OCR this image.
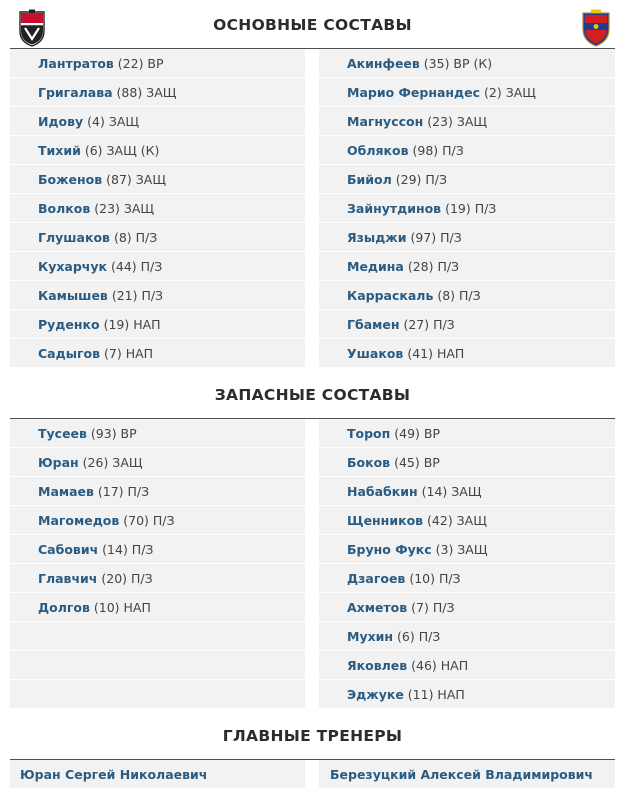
ОСНОВНЫЕ СОСТАВЫ
Лантратов (22) ВР
Григалава (88) ЗАЩ
Идову (4) ЗАЩ
Тихий (6) ЗАЩ (К)
Боженов (87) ЗАЩ
Волков (23) ЗАЩ
Глушаков (8) П/З
Кухарчук (44) П/З
Камышев (21) П/З
Руденко (19) НАП
Садыгов (7) НАП
Акинфеев (35) ВР (К)
Марио Фернандес (2) ЗАЩ
Магнуссон (23) ЗАЩ
Обляков (98) П/З
Бийол (29) П/З
Зайнутдинов (19) П/З
Языджи (97) П/З
Медина (28) П/З
Карраскаль (8) П/З
Гбамен (27) П/З
Ушаков (41) НАП
ЗАПАСНЫЕ СОСТАВЫ
Тусеев (93) ВР
Юран (26) ЗАЩ
Мамаев (17) П/З
Магомедов (70) П/З
Сабович (14) П/З
Главчич (20) П/З
Долгов (10) НАП
Тороп (49) ВР
Боков (45) ВР
Набабкин (14) ЗАЩ
Щенников (42) ЗАЩ
Бруно Фукс (3) ЗАЩ
Дзагоев (10) П/З
Ахметов (7) П/З
Мухин (6) П/З
Яковлев (46) НАП
Эджуке (11) НАП
ГЛАВНЫЕ ТРЕНЕРЫ
Юран Сергей Николаевич	Березуцкий Алексей Владимирович
